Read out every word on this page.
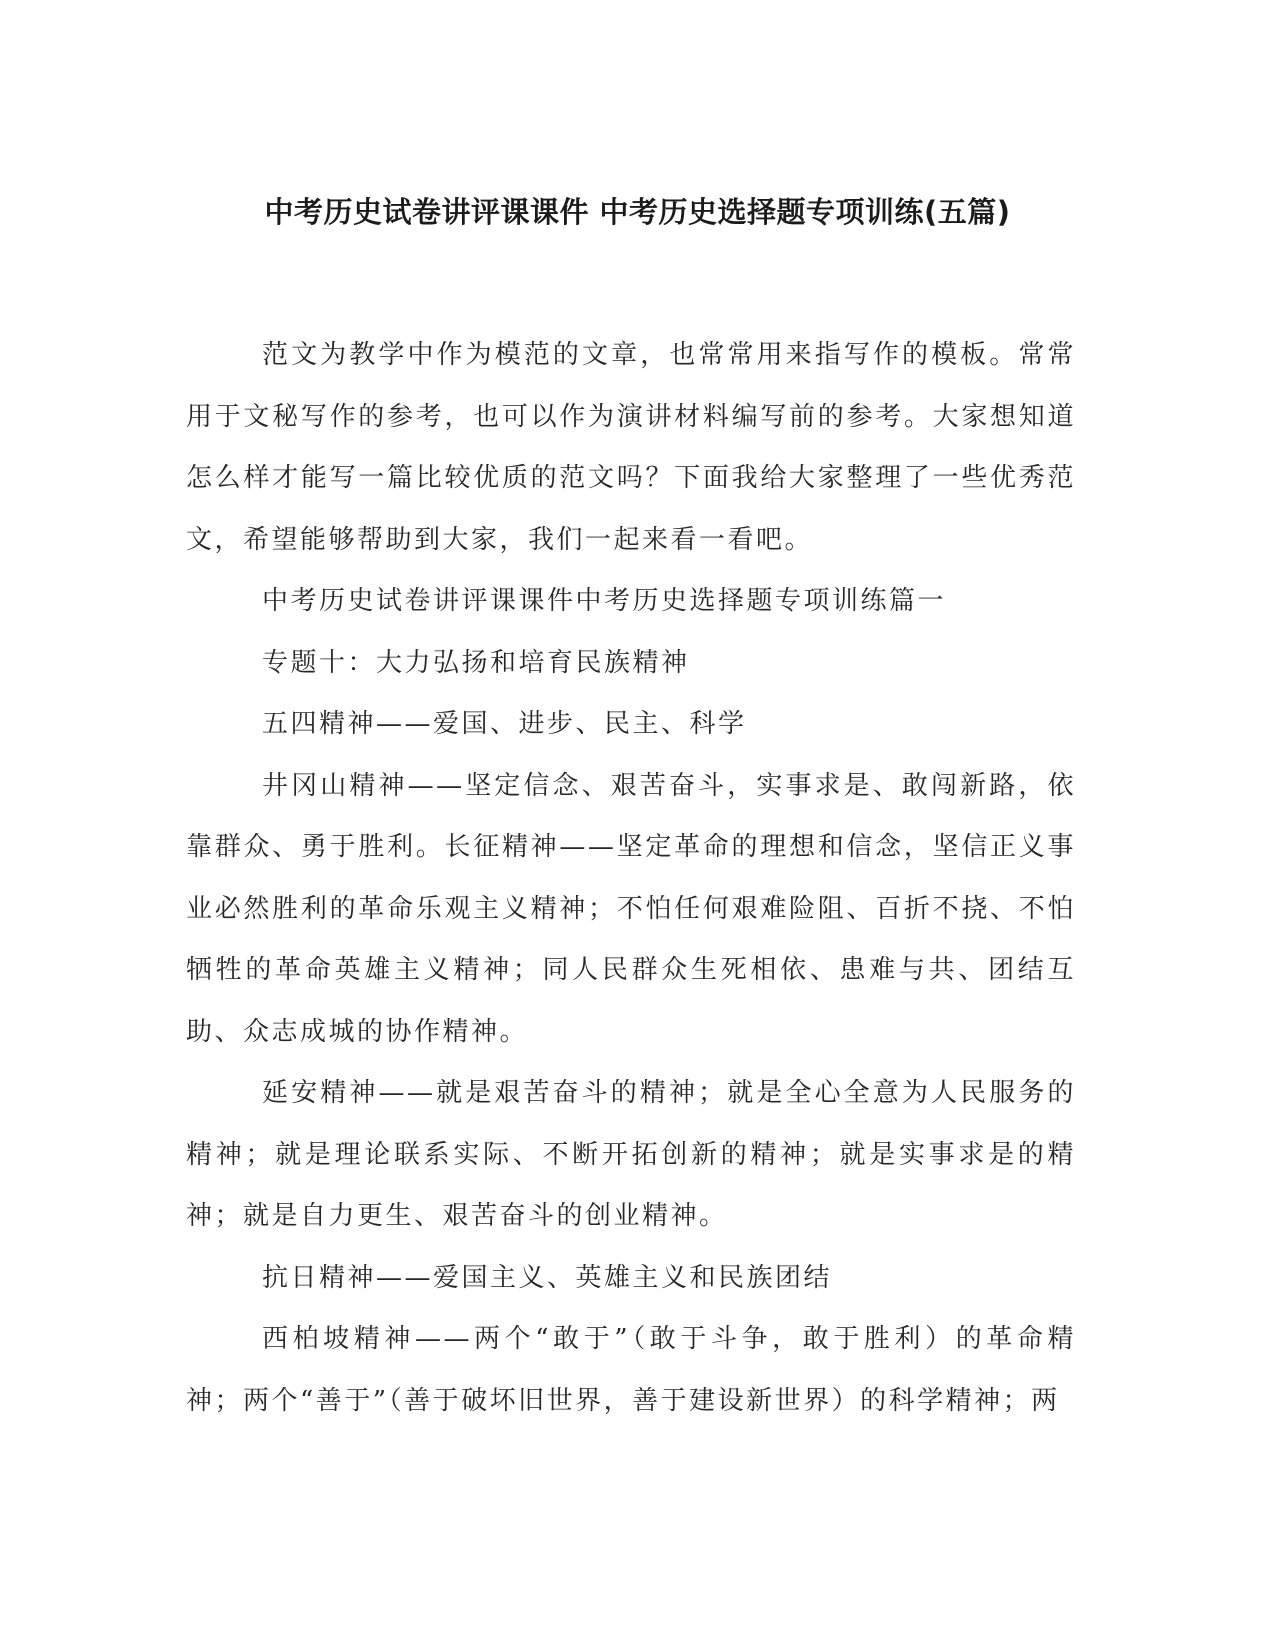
中考历史试卷讲评课课件 中考历史选择题专项训练(五篇)

范文为教学中作为模范的文章，也常常用来指写作的模板。常常用于文秘写作的参考，也可以作为演讲材料编写前的参考。大家想知道怎么样才能写一篇比较优质的范文吗？下面我给大家整理了一些优秀范文，希望能够帮助到大家，我们一起来看一看吧。

中考历史试卷讲评课课件中考历史选择题专项训练篇一

专题十：大力弘扬和培育民族精神

五四精神——爱国、进步、民主、科学

井冈山精神——坚定信念、艰苦奋斗，实事求是、敢闯新路，依靠群众、勇于胜利。长征精神——坚定革命的理想和信念，坚信正义事业必然胜利的革命乐观主义精神；不怕任何艰难险阻、百折不挠、不怕牺牲的革命英雄主义精神；同人民群众生死相依、患难与共、团结互助、众志成城的协作精神。

延安精神——就是艰苦奋斗的精神；就是全心全意为人民服务的精神；就是理论联系实际、不断开拓创新的精神；就是实事求是的精神；就是自力更生、艰苦奋斗的创业精神。

抗日精神——爱国主义、英雄主义和民族团结

西柏坡精神——两个“敢于”（敢于斗争，敢于胜利）的革命精神；两个“善于”（善于破坏旧世界，善于建设新世界）的科学精神；两
